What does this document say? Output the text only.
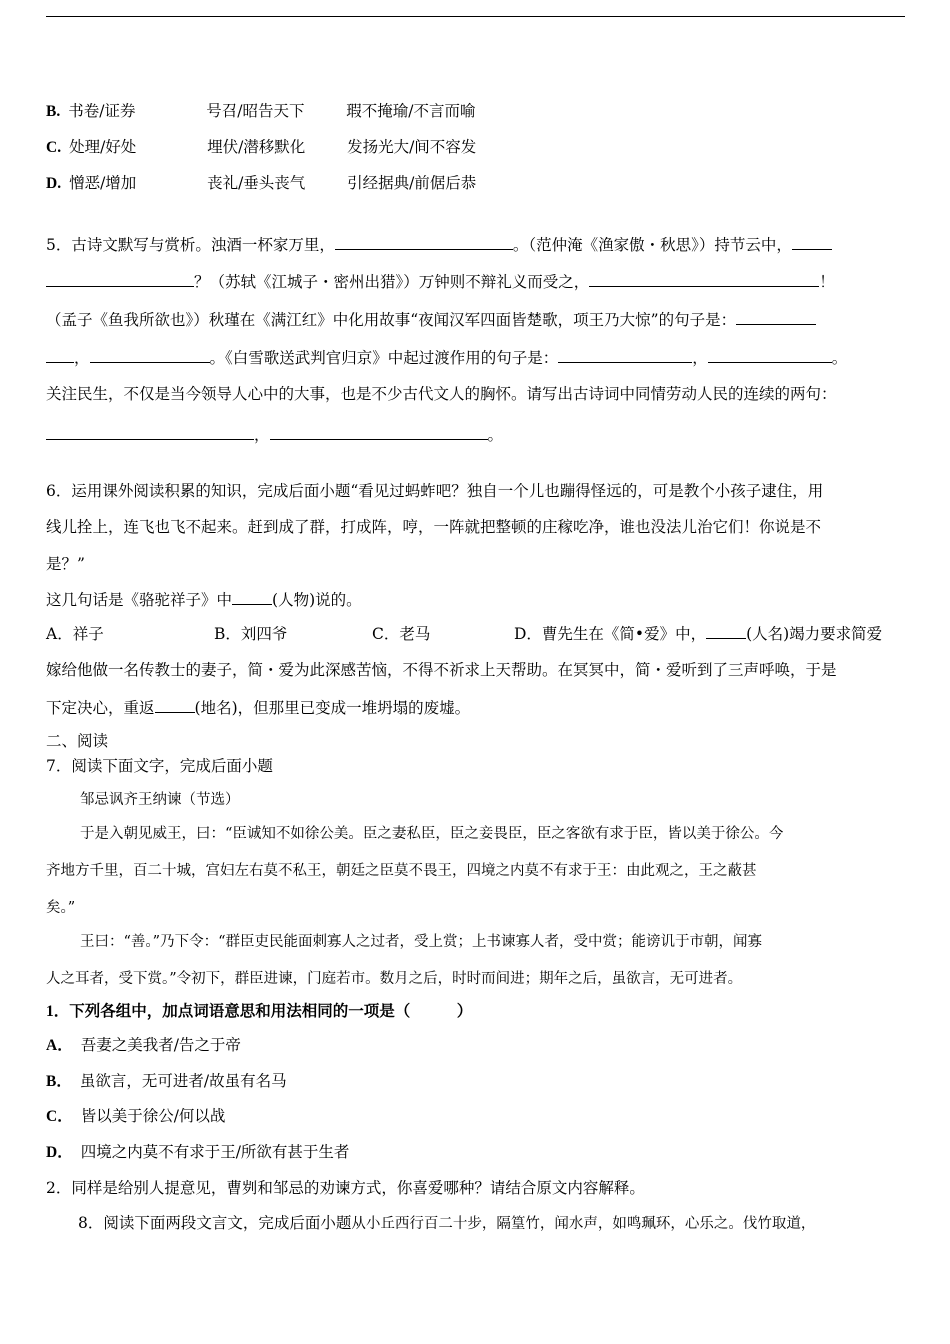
B. 书卷/证券	号召/昭告天下	瑕不掩瑜/不言而喻
C. 处理/好处	埋伏/潜移默化	发扬光大/间不容发
D. 憎恶/增加	丧礼/垂头丧气	引经据典/前倨后恭
5．古诗文默写与赏析。浊酒一杯家万里，	。（范仲淹《渔家傲・秋思》）持节云中，
？（苏轼《江城子・密州出猎》）万钟则不辩礼义而受之，	！
（孟子《鱼我所欲也》）秋瑾在《满江红》中化用故事“夜闻汉军四面皆楚歌，项王乃大惊”的句子是：
，	。《白雪歌送武判官归京》中起过渡作用的句子是：	，	。
关注民生，不仅是当今领导人心中的大事，也是不少古代文人的胸怀。请写出古诗词中同情劳动人民的连续的两句：
，	。
6．运用课外阅读积累的知识，完成后面小题“看见过蚂蚱吧？独自一个儿也蹦得怪远的，可是教个小孩子逮住，用
线儿拴上，连飞也飞不起来。赶到成了群，打成阵，哼，一阵就把整顿的庄稼吃净，谁也没法儿治它们！你说是不
是？”
这几句话是《骆驼祥子》中	(人物)说的。
A．祥子	B．刘四爷	C．老马	D．曹先生在《简•爱》中，	(人名)竭力要求简爱
嫁给他做一名传教士的妻子，简・爱为此深感苦恼，不得不祈求上天帮助。在冥冥中，简・爱听到了三声呼唤，于是
下定决心，重返	(地名)，但那里已变成一堆坍塌的废墟。
二、阅读
7．阅读下面文字，完成后面小题
邹忌讽齐王纳谏（节选）
于是入朝见威王，曰：“臣诚知不如徐公美。臣之妻私臣，臣之妾畏臣，臣之客欲有求于臣，皆以美于徐公。今
齐地方千里，百二十城，宫妇左右莫不私王，朝廷之臣莫不畏王，四境之内莫不有求于王：由此观之，王之蔽甚
矣。”
王曰：“善。”乃下令：“群臣吏民能面刺寡人之过者，受上赏；上书谏寡人者，受中赏；能谤讥于市朝，闻寡
人之耳者，受下赏。”令初下，群臣进谏，门庭若市。数月之后，时时而间进；期年之后，虽欲言，无可进者。
1．下列各组中，加点词语意思和用法相同的一项是（　　　）
A． 吾妻之美我者/告之于帝
B． 虽欲言，无可进者/故虽有名马
C． 皆以美于徐公/何以战
D． 四境之内莫不有求于王/所欲有甚于生者
2．同样是给别人提意见，曹刿和邹忌的劝谏方式，你喜爱哪种？请结合原文内容解释。
8．阅读下面两段文言文，完成后面小题从小丘西行百二十步，隔篁竹，闻水声，如鸣珮环，心乐之。伐竹取道，
